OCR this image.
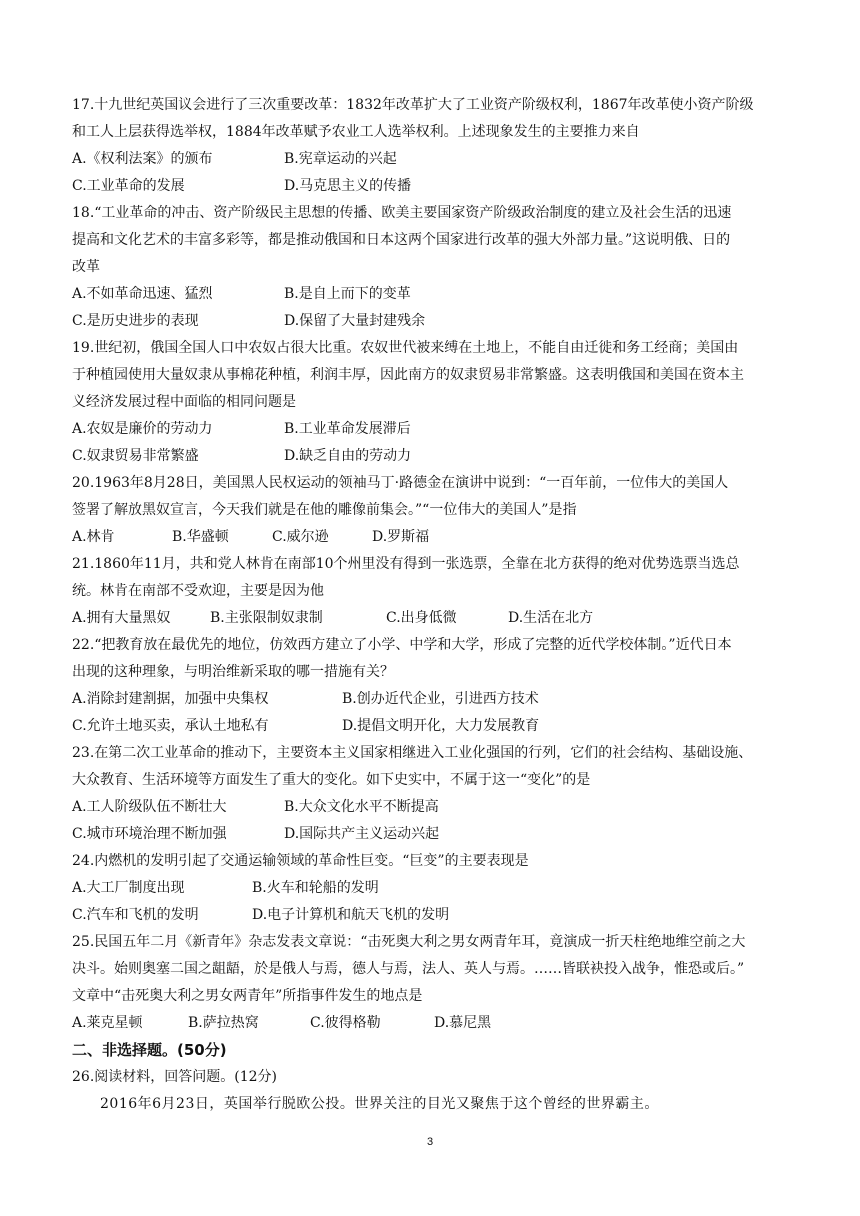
17.十九世纪英国议会进行了三次重要改革：1832年改革扩大了工业资产阶级权利，1867年改革使小资产阶级
和工人上层获得选举权，1884年改革赋予农业工人选举权利。上述现象发生的主要推力来自
A.《权利法案》的颁布	B.宪章运动的兴起
C.工业革命的发展	D.马克思主义的传播
18.“工业革命的冲击、资产阶级民主思想的传播、欧美主要国家资产阶级政治制度的建立及社会生活的迅速
提高和文化艺术的丰富多彩等，都是推动俄国和日本这两个国家进行改革的强大外部力量。”这说明俄、日的
改革
A.不如革命迅速、猛烈	B.是自上而下的变革
C.是历史进步的表现	D.保留了大量封建残余
19.世纪初，俄国全国人口中农奴占很大比重。农奴世代被来缚在土地上，不能自由迁徙和务工经商；美国由
于种植园使用大量奴隶从事棉花种植，利润丰厚，因此南方的奴隶贸易非常繁盛。这表明俄国和美国在资本主
义经济发展过程中面临的相同问题是
A.农奴是廉价的劳动力	B.工业革命发展滞后
C.奴隶贸易非常繁盛	D.缺乏自由的劳动力
20.1963年8月28日，美国黑人民权运动的领袖马丁·路德金在演讲中说到：“一百年前，一位伟大的美国人
签署了解放黑奴宣言，今天我们就是在他的雕像前集会。”“一位伟大的美国人”是指
A.林肯	B.华盛顿	C.威尔逊	D.罗斯福
21.1860年11月，共和党人林肯在南部10个州里没有得到一张选票，全靠在北方获得的绝对优势选票当选总
统。林肯在南部不受欢迎，主要是因为他
A.拥有大量黑奴	B.主张限制奴隶制	C.出身低微	D.生活在北方
22.“把教育放在最优先的地位，仿效西方建立了小学、中学和大学，形成了完整的近代学校体制。”近代日本
出现的这种理象，与明治维新采取的哪一措施有关？
A.消除封建割据，加强中央集权	B.创办近代企业，引进西方技术
C.允许土地买卖，承认土地私有	D.提倡文明开化，大力发展教育
23.在第二次工业革命的推动下，主要资本主义国家相继进入工业化强国的行列，它们的社会结构、基础设施、
大众教育、生活环境等方面发生了重大的变化。如下史实中，不属于这一“变化”的是
A.工人阶级队伍不断壮大	B.大众文化水平不断提高
C.城市环境治理不断加强	D.国际共产主义运动兴起
24.内燃机的发明引起了交通运输领域的革命性巨变。“巨变”的主要表现是
A.大工厂制度出现	B.火车和轮船的发明
C.汽车和飞机的发明	D.电子计算机和航天飞机的发明
25.民国五年二月《新青年》杂志发表文章说：“击死奥大利之男女两青年耳，竟演成一折天柱绝地维空前之大
决斗。始则奥塞二国之龃龉，於是俄人与焉，德人与焉，法人、英人与焉。……皆联袂投入战争，惟恐或后。”
文章中“击死奥大利之男女两青年”所指事件发生的地点是
A.莱克星顿	B.萨拉热窝	C.彼得格勒	D.慕尼黑
二、非选择题。(50分)
26.阅读材料，回答问题。(12分)
2016年6月23日，英国举行脱欧公投。世界关注的目光又聚焦于这个曾经的世界霸主。
3
